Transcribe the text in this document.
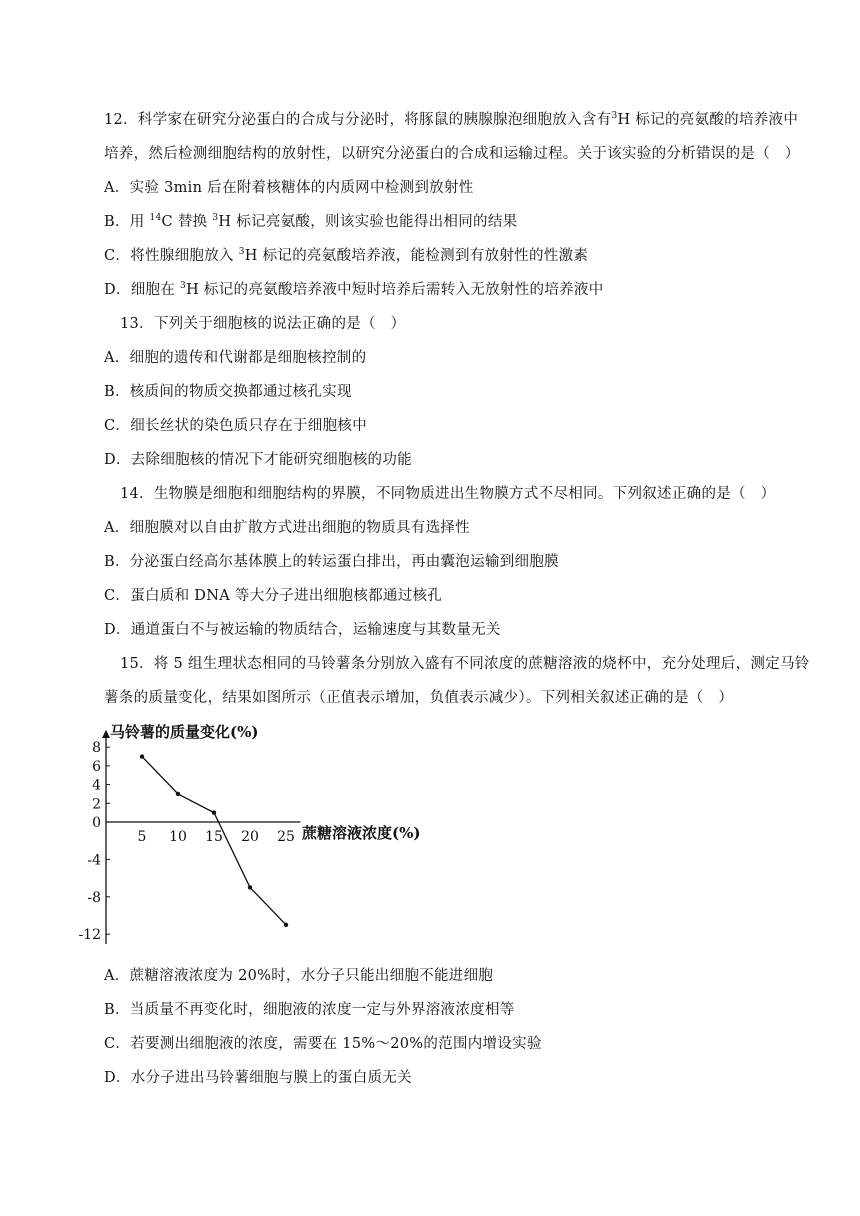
12．科学家在研究分泌蛋白的合成与分泌时，将豚鼠的胰腺腺泡细胞放入含有$^3$H 标记的亮氨酸的培养液中
培养，然后检测细胞结构的放射性，以研究分泌蛋白的合成和运输过程。关于该实验的分析错误的是（　）
A．实验 3min 后在附着核糖体的内质网中检测到放射性
B．用 $^{14}$C 替换 $^3$H 标记亮氨酸，则该实验也能得出相同的结果
C．将性腺细胞放入 $^3$H 标记的亮氨酸培养液，能检测到有放射性的性激素
D．细胞在 $^3$H 标记的亮氨酸培养液中短时培养后需转入无放射性的培养液中
13．下列关于细胞核的说法正确的是（　）
A．细胞的遗传和代谢都是细胞核控制的
B．核质间的物质交换都通过核孔实现
C．细长丝状的染色质只存在于细胞核中
D．去除细胞核的情况下才能研究细胞核的功能
14．生物膜是细胞和细胞结构的界膜，不同物质进出生物膜方式不尽相同。下列叙述正确的是（　）
A．细胞膜对以自由扩散方式进出细胞的物质具有选择性
B．分泌蛋白经高尔基体膜上的转运蛋白排出，再由囊泡运输到细胞膜
C．蛋白质和 DNA 等大分子进出细胞核都通过核孔
D．通道蛋白不与被运输的物质结合，运输速度与其数量无关
15．将 5 组生理状态相同的马铃薯条分别放入盛有不同浓度的蔗糖溶液的烧杯中，充分处理后，测定马铃
薯条的质量变化，结果如图所示（正值表示增加，负值表示减少）。下列相关叙述正确的是（　）
8
6
4
2
0
-4
-8
-12
5 10 15 20 25
马铃薯的质量变化(%)
蔗糖溶液浓度(%)
A．蔗糖溶液浓度为 20%时，水分子只能出细胞不能进细胞
B．当质量不再变化时，细胞液的浓度一定与外界溶液浓度相等
C．若要测出细胞液的浓度，需要在 15%～20%的范围内增设实验
D．水分子进出马铃薯细胞与膜上的蛋白质无关
